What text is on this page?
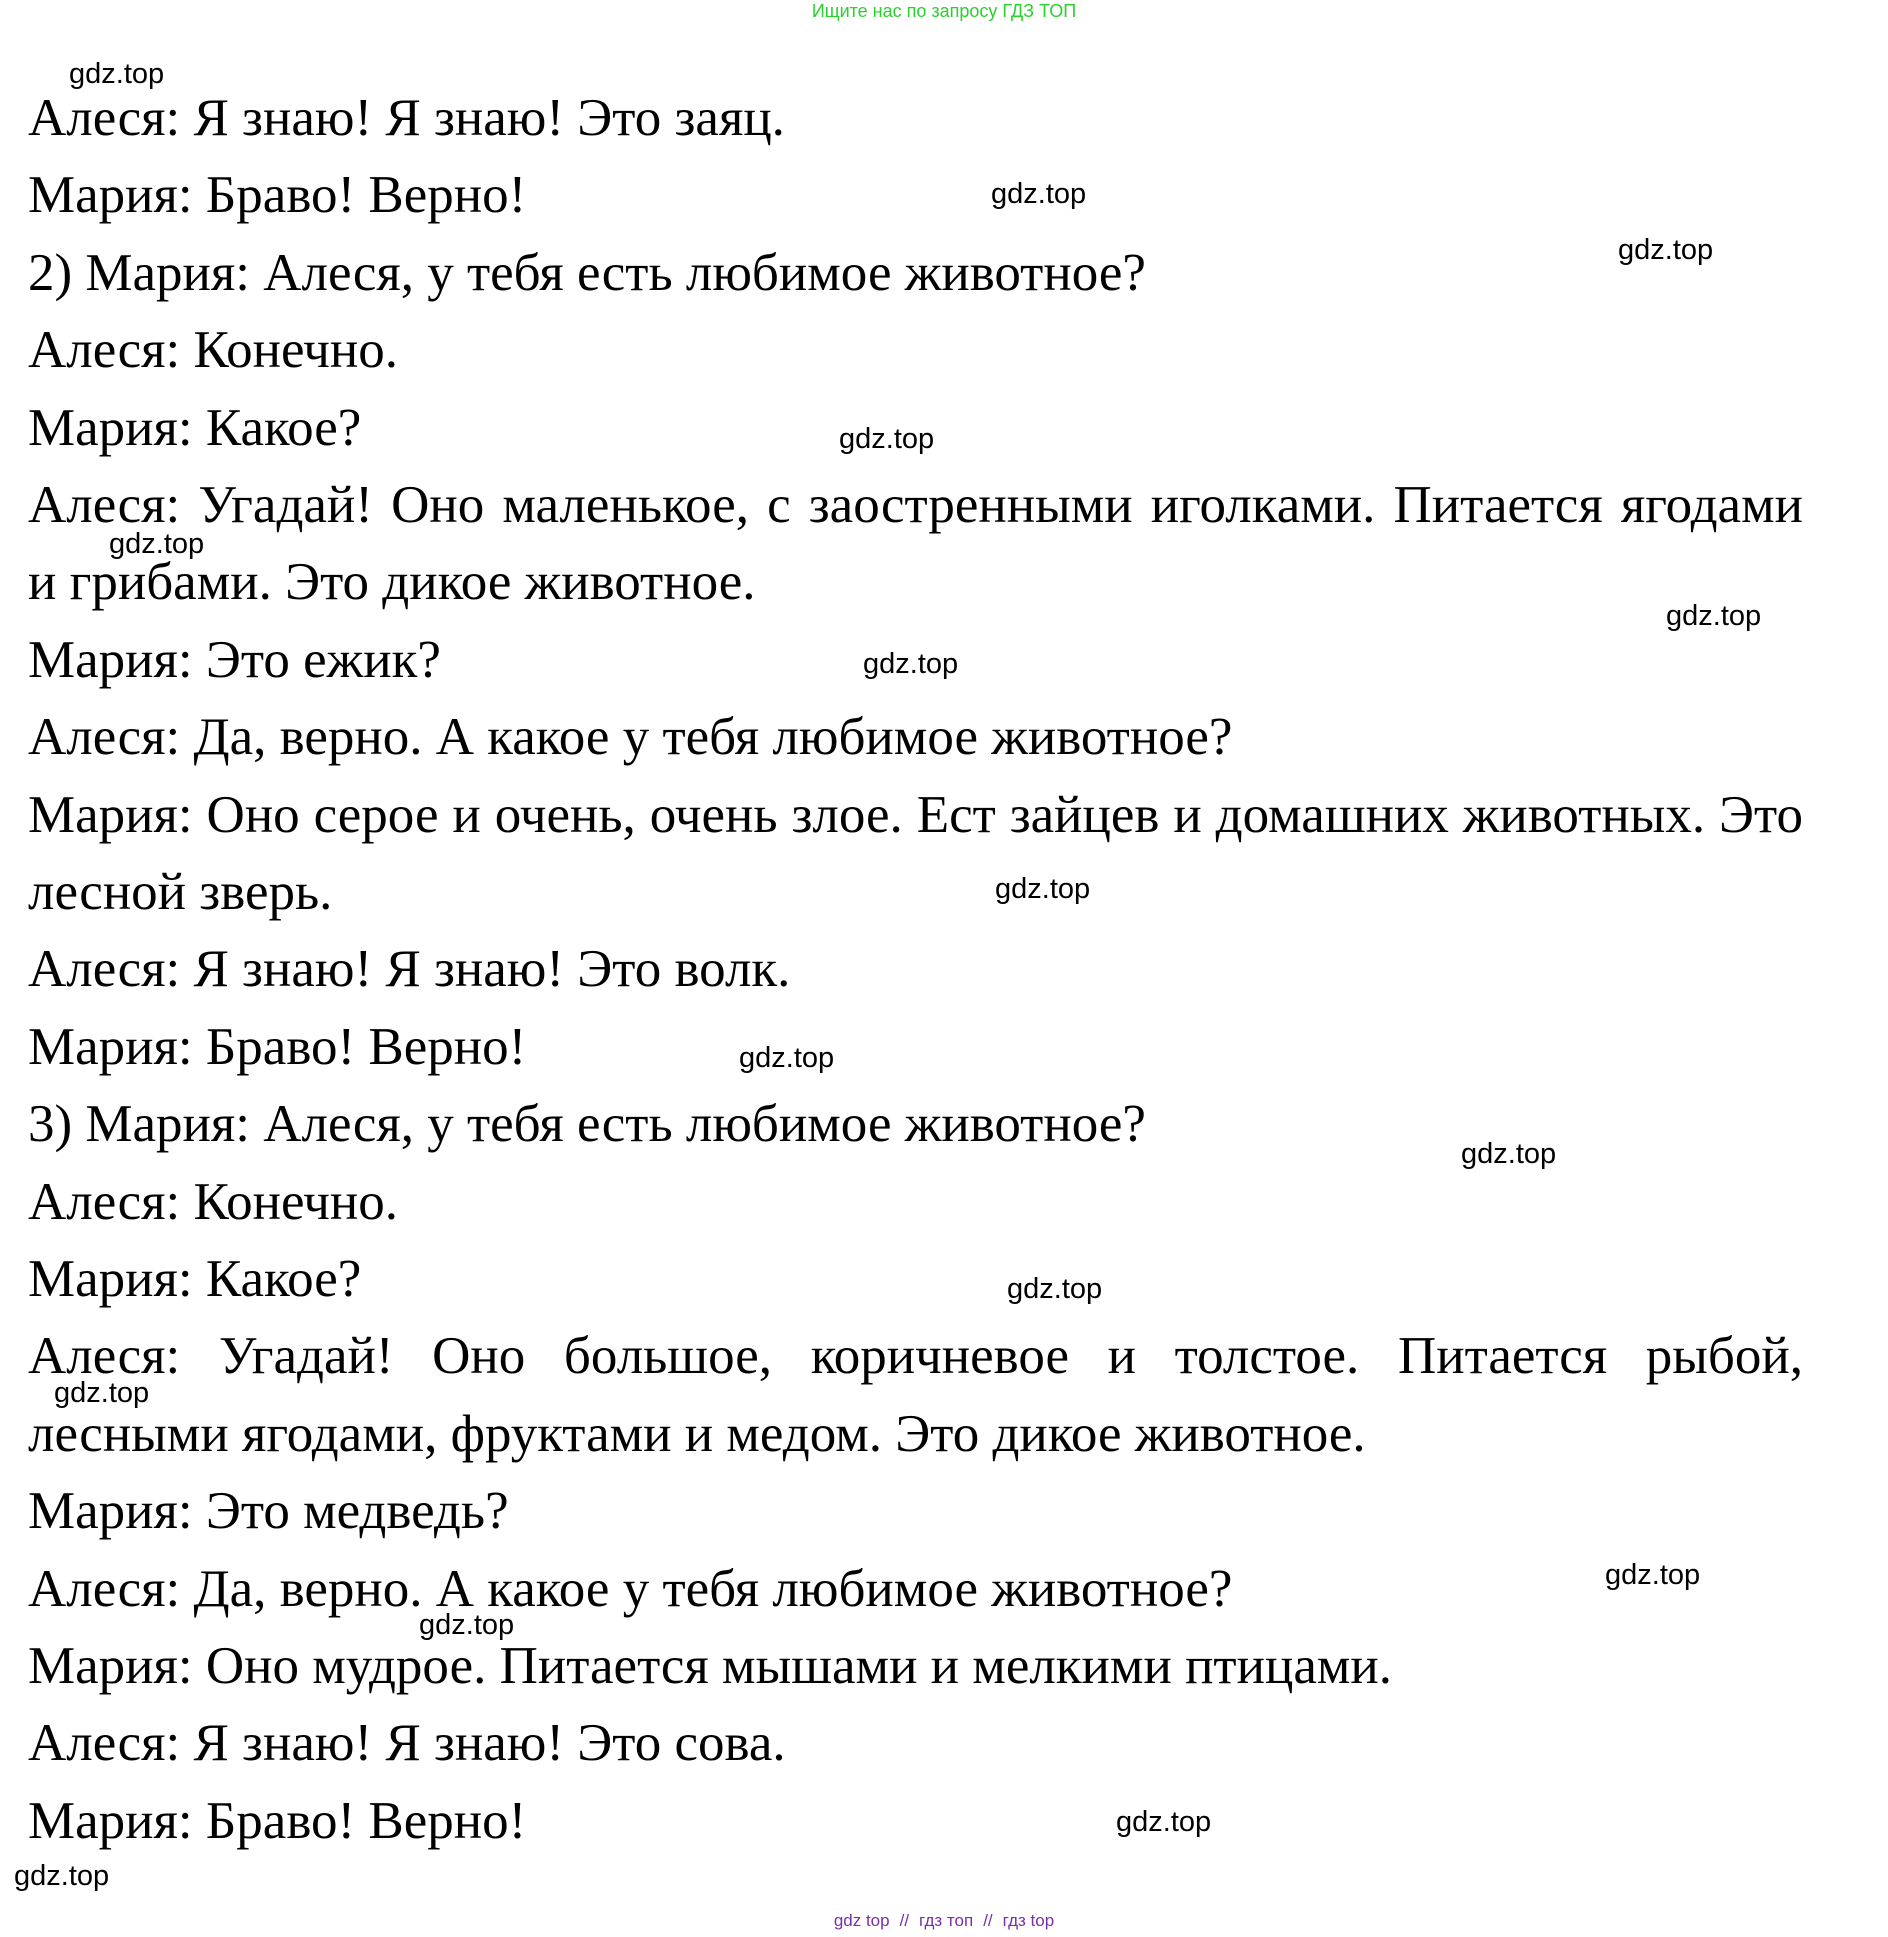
Ищите нас по запросу ГДЗ ТОП

Алеся: Я знаю! Я знаю! Это заяц.

Мария: Браво! Верно!

2) Мария: Алеся, у тебя есть любимое животное?

Алеся: Конечно.

Мария: Какое?

Алеся: Угадай! Оно маленькое, с заостренными иголками. Питается ягодами и грибами. Это дикое животное.

Мария: Это ежик?

Алеся: Да, верно. А какое у тебя любимое животное?

Мария: Оно серое и очень, очень злое. Ест зайцев и домашних животных. Это лесной зверь.

Алеся: Я знаю! Я знаю! Это волк.

Мария: Браво! Верно!

3) Мария: Алеся, у тебя есть любимое животное?

Алеся: Конечно.

Мария: Какое?

Алеся: Угадай! Оно большое, коричневое и толстое. Питается рыбой, лесными ягодами, фруктами и медом. Это дикое животное.

Мария: Это медведь?

Алеся: Да, верно. А какое у тебя любимое животное?

Мария: Оно мудрое. Питается мышами и мелкими птицами.

Алеся: Я знаю! Я знаю! Это сова.

Мария: Браво! Верно!

gdz.top
gdz.top
gdz.top
gdz.top
gdz.top
gdz.top
gdz.top
gdz.top
gdz.top
gdz.top
gdz.top
gdz.top
gdz.top
gdz.top
gdz.top
gdz.top
gdz top // гдз топ // гдз top
